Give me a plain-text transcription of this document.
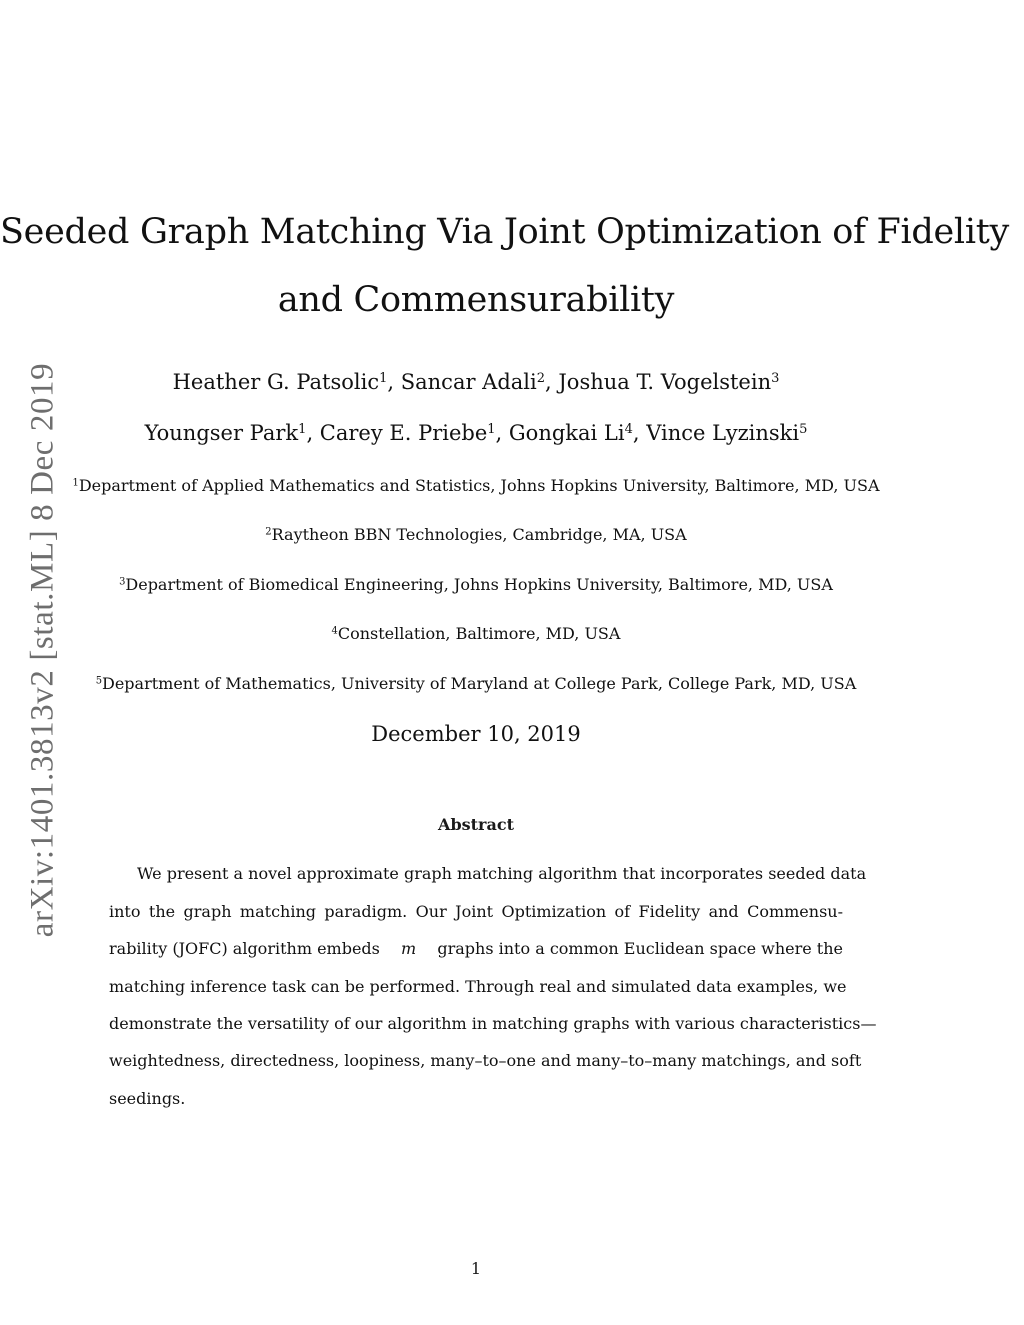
arXiv:1401.3813v2 [stat.ML] 8 Dec 2019
Seeded Graph Matching Via Joint Optimization of Fidelity
and Commensurability
Heather G. Patsolic$^1$, Sancar Adali$^2$, Joshua T. Vogelstein$^3$
Youngser Park$^1$, Carey E. Priebe$^1$, Gongkai Li$^4$, Vince Lyzinski$^5$
$^1$Department of Applied Mathematics and Statistics, Johns Hopkins University, Baltimore, MD, USA
$^2$Raytheon BBN Technologies, Cambridge, MA, USA
$^3$Department of Biomedical Engineering, Johns Hopkins University, Baltimore, MD, USA
$^4$Constellation, Baltimore, MD, USA
$^5$Department of Mathematics, University of Maryland at College Park, College Park, MD, USA
December 10, 2019
Abstract
We present a novel approximate graph matching algorithm that incorporates seeded data
into the graph matching paradigm. Our Joint Optimization of Fidelity and Commensu-
rability (JOFC) algorithm embeds m graphs into a common Euclidean space where the
matching inference task can be performed. Through real and simulated data examples, we
demonstrate the versatility of our algorithm in matching graphs with various characteristics—
weightedness, directedness, loopiness, many–to–one and many–to–many matchings, and soft
seedings.
1
